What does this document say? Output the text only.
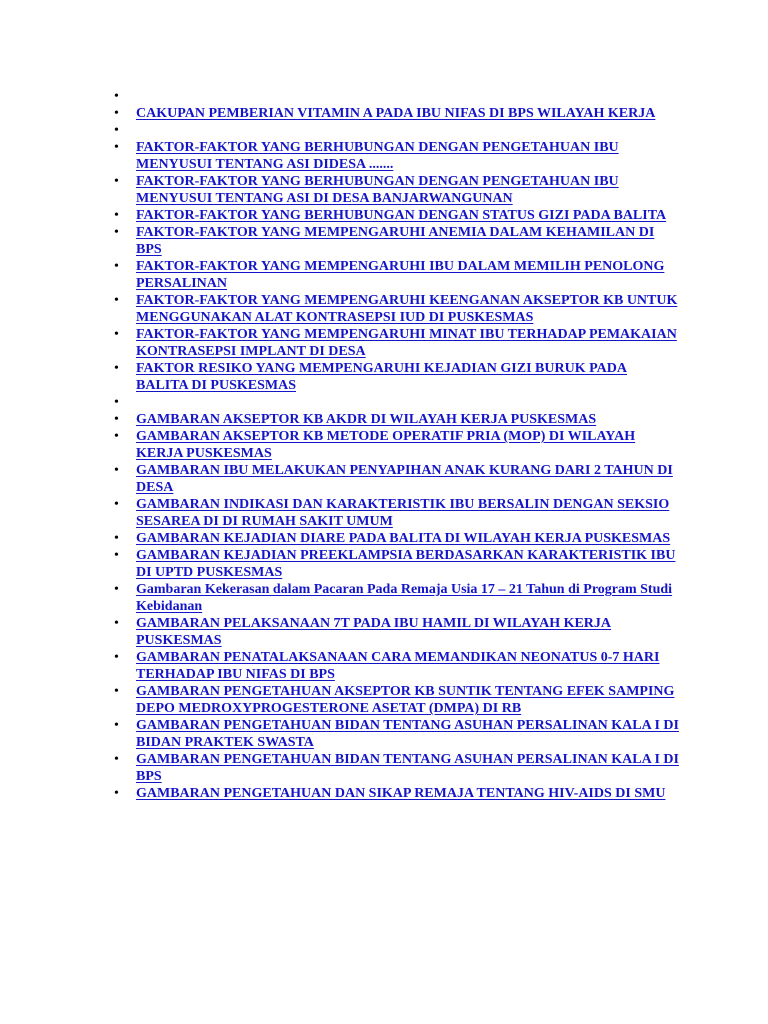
•
• CAKUPAN PEMBERIAN VITAMIN A PADA IBU NIFAS DI BPS WILAYAH KERJA
•
• FAKTOR-FAKTOR YANG BERHUBUNGAN DENGAN PENGETAHUAN IBU MENYUSUI TENTANG ASI DIDESA .......
• FAKTOR-FAKTOR YANG BERHUBUNGAN DENGAN PENGETAHUAN IBU MENYUSUI TENTANG ASI DI DESA BANJARWANGUNAN
• FAKTOR-FAKTOR YANG BERHUBUNGAN DENGAN STATUS GIZI PADA BALITA
• FAKTOR-FAKTOR YANG MEMPENGARUHI ANEMIA DALAM KEHAMILAN DI BPS
• FAKTOR-FAKTOR YANG MEMPENGARUHI IBU DALAM MEMILIH PENOLONG PERSALINAN
• FAKTOR-FAKTOR YANG MEMPENGARUHI KEENGANAN AKSEPTOR KB UNTUK MENGGUNAKAN ALAT KONTRASEPSI IUD DI PUSKESMAS
• FAKTOR-FAKTOR YANG MEMPENGARUHI MINAT IBU TERHADAP PEMAKAIAN KONTRASEPSI IMPLANT DI DESA
• FAKTOR RESIKO YANG MEMPENGARUHI KEJADIAN GIZI BURUK PADA BALITA DI PUSKESMAS
•
• GAMBARAN AKSEPTOR KB AKDR DI WILAYAH KERJA PUSKESMAS
• GAMBARAN AKSEPTOR KB METODE OPERATIF PRIA (MOP) DI WILAYAH KERJA PUSKESMAS
• GAMBARAN IBU MELAKUKAN PENYAPIHAN ANAK KURANG DARI 2 TAHUN DI DESA
• GAMBARAN INDIKASI DAN KARAKTERISTIK IBU BERSALIN DENGAN SEKSIO SESAREA DI DI RUMAH SAKIT UMUM
• GAMBARAN KEJADIAN DIARE PADA BALITA DI WILAYAH KERJA PUSKESMAS
• GAMBARAN KEJADIAN PREEKLAMPSIA BERDASARKAN KARAKTERISTIK IBU DI UPTD PUSKESMAS
• Gambaran Kekerasan dalam Pacaran Pada Remaja Usia 17 – 21 Tahun di Program Studi Kebidanan
• GAMBARAN PELAKSANAAN 7T PADA IBU HAMIL DI WILAYAH KERJA PUSKESMAS
• GAMBARAN PENATALAKSANAAN CARA MEMANDIKAN NEONATUS 0-7 HARI TERHADAP IBU NIFAS DI BPS
• GAMBARAN PENGETAHUAN AKSEPTOR KB SUNTIK TENTANG EFEK SAMPING DEPO MEDROXYPROGESTERONE ASETAT (DMPA) DI RB
• GAMBARAN PENGETAHUAN BIDAN TENTANG ASUHAN PERSALINAN KALA I DI BIDAN PRAKTEK SWASTA
• GAMBARAN PENGETAHUAN BIDAN TENTANG ASUHAN PERSALINAN KALA I DI BPS
• GAMBARAN PENGETAHUAN DAN SIKAP REMAJA TENTANG HIV-AIDS DI SMU
